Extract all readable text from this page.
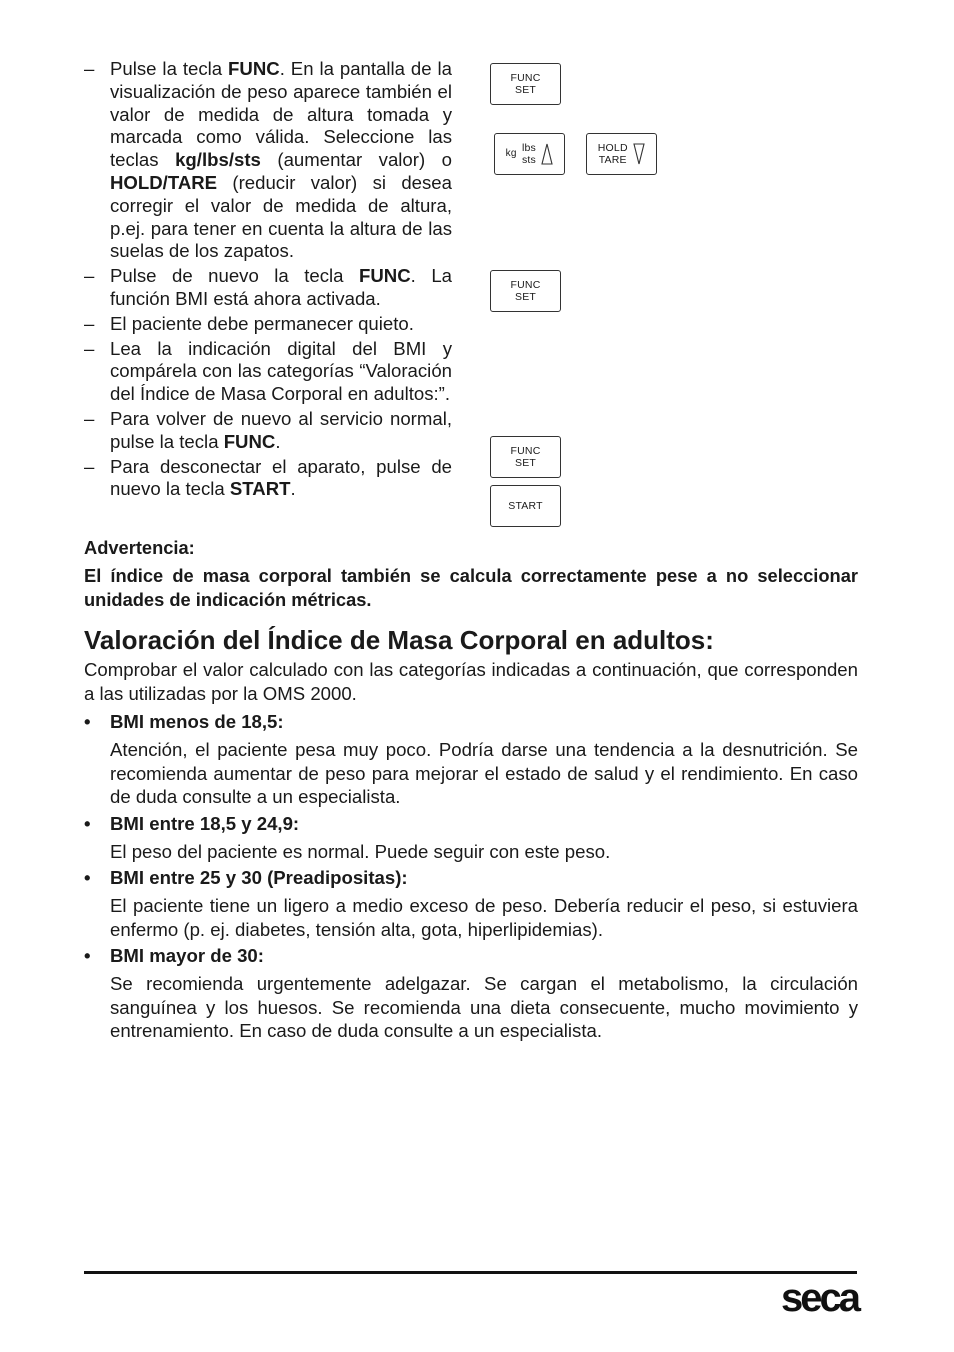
– Pulse la tecla FUNC. En la pantalla de la visualización de peso aparece también el valor de medida de altura tomada y marcada como válida. Seleccione las teclas kg/lbs/sts (aumentar valor) o HOLD/TARE (reducir valor) si desea corregir el valor de medida de altura, p.ej. para tener en cuenta la altura de las suelas de los zapatos.
– Pulse de nuevo la tecla FUNC. La función BMI está ahora activada.
– El paciente debe permanecer quieto.
– Lea la indicación digital del BMI y compárela con las categorías “Valoración del Índice de Masa Corporal en adultos:”.
– Para volver de nuevo al servicio normal, pulse la tecla FUNC.
– Para desconectar el aparato, pulse de nuevo la tecla START.
FUNC
SET
kg lbs
sts
HOLD
TARE
FUNC
SET
FUNC
SET
START
Advertencia:
El índice de masa corporal también se calcula correctamente pese a no seleccionar unidades de indicación métricas.
Valoración del Índice de Masa Corporal en adultos:
Comprobar el valor calculado con las categorías indicadas a continuación, que corresponden a las utilizadas por la OMS 2000.
• BMI menos de 18,5:
Atención, el paciente pesa muy poco. Podría darse una tendencia a la desnutrición. Se recomienda aumentar de peso para mejorar el estado de salud y el rendimiento. En caso de duda consulte a un especialista.
• BMI entre 18,5 y 24,9:
El peso del paciente es normal. Puede seguir con este peso.
• BMI entre 25 y 30 (Preadipositas):
El paciente tiene un ligero a medio exceso de peso. Debería reducir el peso, si estuviera enfermo (p. ej. diabetes, tensión alta, gota, hiperlipidemias).
• BMI mayor de 30:
Se recomienda urgentemente adelgazar. Se cargan el metabolismo, la circulación sanguínea y los huesos. Se recomienda una dieta consecuente, mucho movimiento y entrenamiento. En caso de duda consulte a un especialista.
seca
